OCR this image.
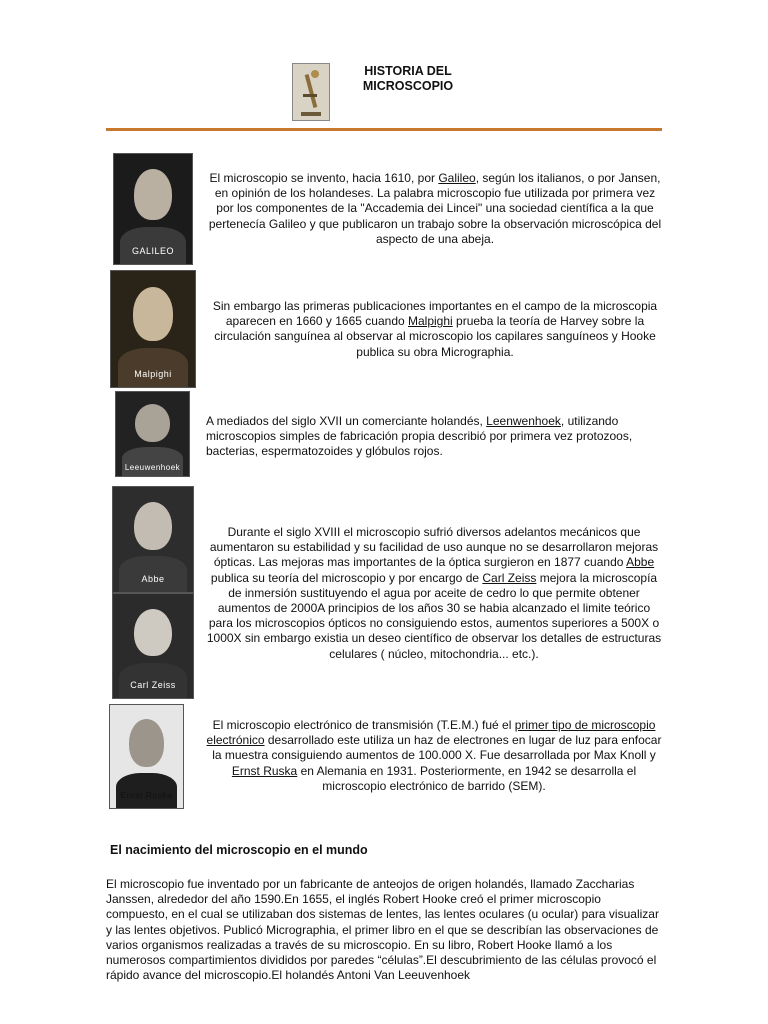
HISTORIA DEL
MICROSCOPIO
GALILEO
Malpighi
Leeuwenhoek
Abbe
Carl Zeiss
Ernst Ruska
El microscopio se invento, hacia 1610, por Galileo, según los italianos, o por Jansen, en opinión de los holandeses. La palabra microscopio fue utilizada por primera vez por los componentes de la "Accademia dei Lincei" una sociedad científica a la que pertenecía Galileo y que publicaron un trabajo sobre la observación microscópica del aspecto de una abeja.
Sin embargo las primeras publicaciones importantes en el campo de la microscopia aparecen en 1660 y 1665 cuando Malpighi prueba la teoría de Harvey sobre la circulación sanguínea al observar al microscopio los capilares sanguíneos y Hooke publica su obra Micrographia.
A mediados del siglo XVII un comerciante holandés, Leenwenhoek, utilizando microscopios simples de fabricación propia describió por primera vez protozoos, bacterias, espermatozoides y glóbulos rojos.
Durante el siglo XVIII el microscopio sufrió diversos adelantos mecánicos que aumentaron su estabilidad y su facilidad de uso aunque no se desarrollaron mejoras ópticas. Las mejoras mas importantes de la óptica surgieron en 1877 cuando Abbe publica su teoría del microscopio y por encargo de Carl Zeiss mejora la microscopía de inmersión sustituyendo el agua por aceite de cedro lo que permite obtener aumentos de 2000A principios de los años 30 se habia alcanzado el limite teórico para los microscopios ópticos no consiguiendo estos, aumentos superiores a 500X o 1000X sin embargo existia un deseo científico de observar los detalles de estructuras celulares ( núcleo, mitochondria... etc.).
El microscopio electrónico de transmisión (T.E.M.) fué el primer tipo de microscopio electrónico desarrollado este utiliza un haz de electrones en lugar de luz para enfocar la muestra consiguiendo aumentos de 100.000 X. Fue desarrollada por Max Knoll y Ernst Ruska en Alemania en 1931. Posteriormente, en 1942 se desarrolla el microscopio electrónico de barrido (SEM).
El nacimiento del microscopio en el mundo
El microscopio fue inventado por un fabricante de anteojos de origen holandés, llamado Zaccharias Janssen, alrededor del año 1590.En 1655, el inglés Robert Hooke creó el primer microscopio compuesto, en el cual se utilizaban dos sistemas de lentes, las lentes oculares (u ocular) para visualizar y las lentes objetivos. Publicó Micrographia, el primer libro en el que se describían las observaciones de varios organismos realizadas a través de su microscopio. En su libro, Robert Hooke llamó a los numerosos compartimientos divididos por paredes “células”.El descubrimiento de las células provocó el rápido avance del microscopio.El holandés Antoni Van Leeuvenhoek
